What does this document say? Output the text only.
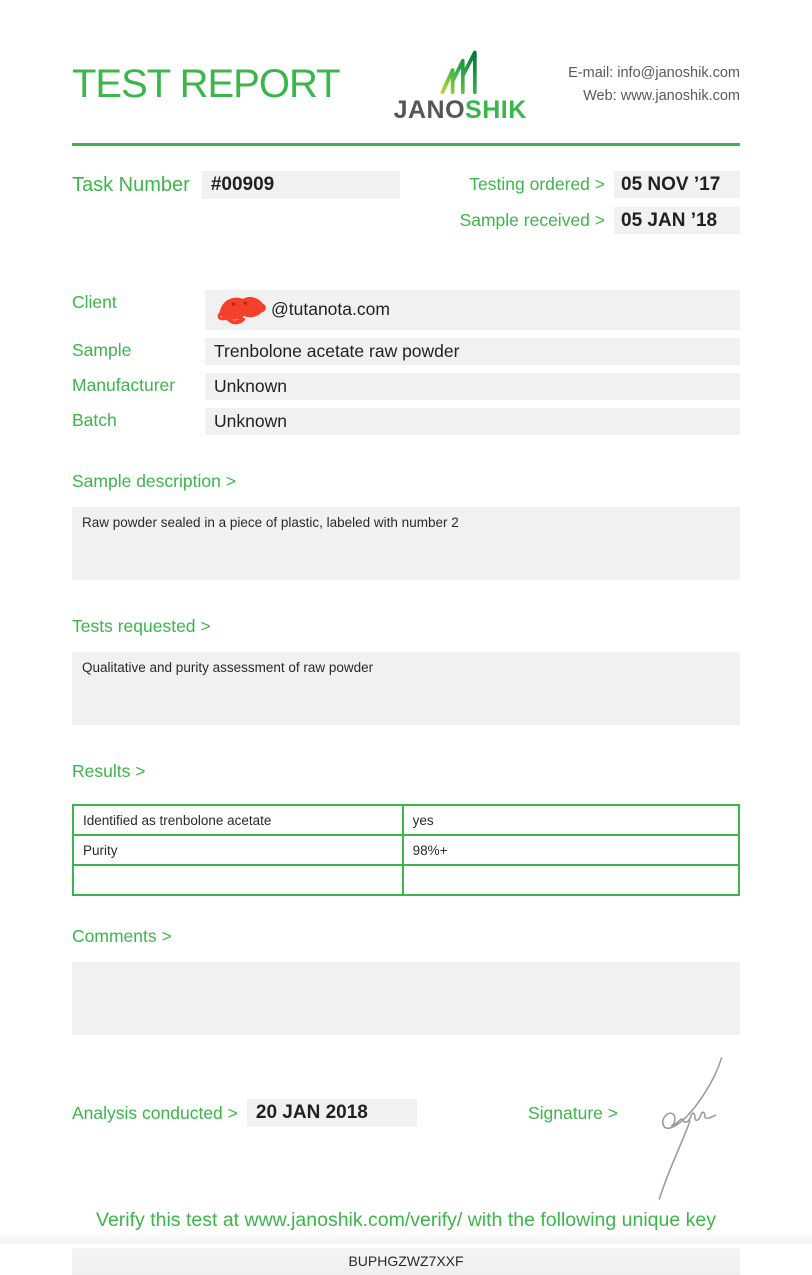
TEST REPORT
JANOSHIK
E-mail: info@janoshik.com
Web: www.janoshik.com
Task Number	#00909	Testing ordered > 05 NOV ’17
Sample received > 05 JAN ’18
Client	@tutanota.com
Sample	Trenbolone acetate raw powder
Manufacturer	Unknown
Batch	Unknown
Sample description >
Raw powder sealed in a piece of plastic, labeled with number 2
Tests requested >
Qualitative and purity assessment of raw powder
Results >
Identified as trenbolone acetate	yes
Purity	98%+

Comments >
Analysis conducted > 20 JAN 2018	Signature >
Verify this test at www.janoshik.com/verify/ with the following unique key
BUPHGZWZ7XXF
